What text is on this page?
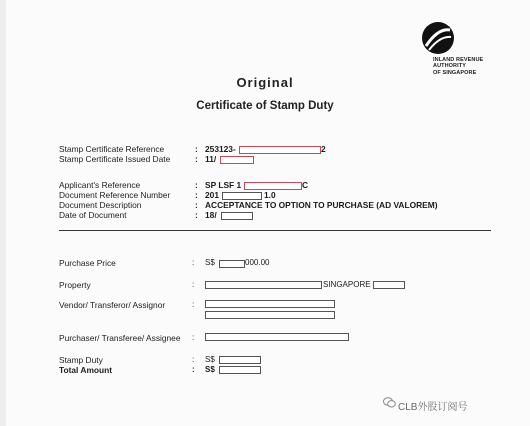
INLAND REVENUE
AUTHORITY
OF SINGAPORE
Original
Certificate of Stamp Duty
Stamp Certificate Reference	: 253123-	2
Stamp Certificate Issued Date	: 11/
Applicant's Reference	: SP LSF 1	C
Document Reference Number	: 201	1.0
Document Description	: ACCEPTANCE TO OPTION TO PURCHASE (AD VALOREM)
Date of Document	: 18/
Purchase Price	: S$	000.00
Property	:	SINGAPORE
Vendor/ Transferor/ Assignor	:
Purchaser/ Transferee/ Assignee :
Stamp Duty	: S$
Total Amount	: S$
CLB外股订阅号
